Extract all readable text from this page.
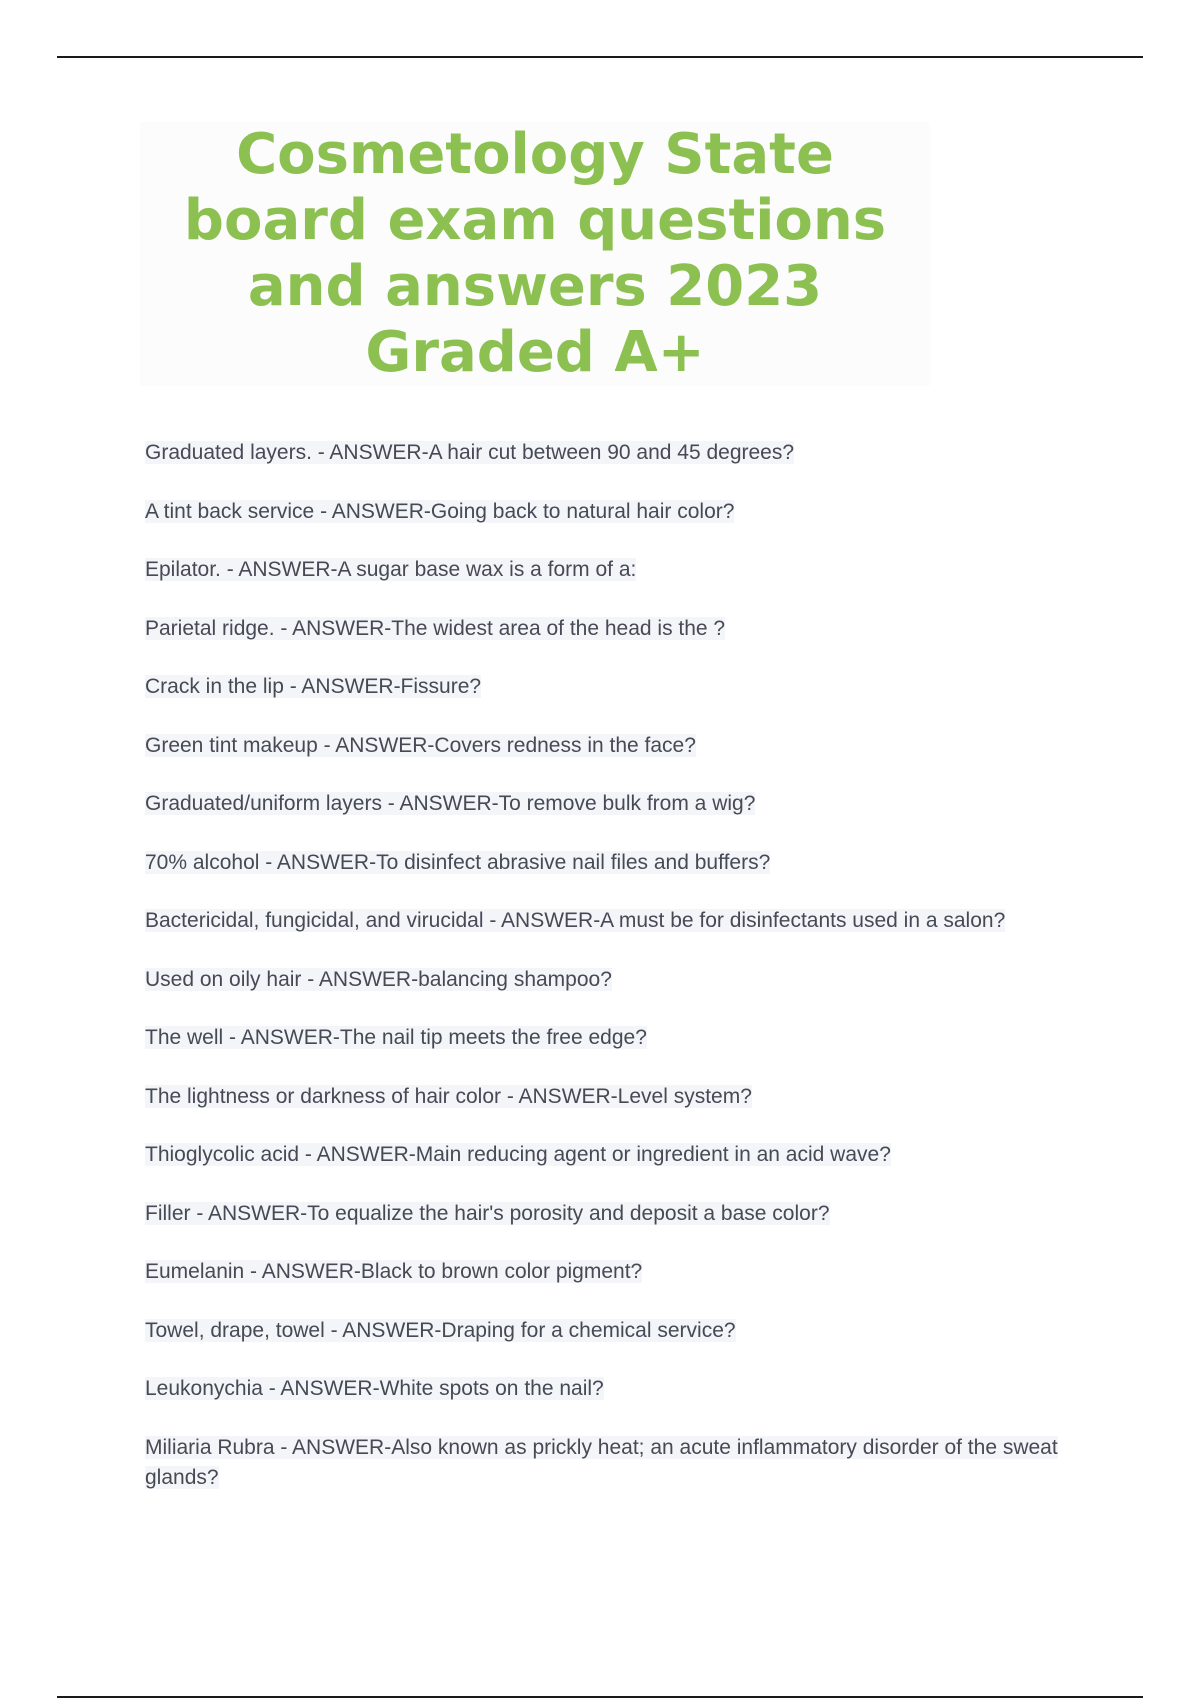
Cosmetology State board exam questions and answers 2023 Graded A+
Graduated layers. - ANSWER-A hair cut between 90 and 45 degrees?
A tint back service - ANSWER-Going back to natural hair color?
Epilator. - ANSWER-A sugar base wax is a form of a:
Parietal ridge. - ANSWER-The widest area of the head is the ?
Crack in the lip - ANSWER-Fissure?
Green tint makeup - ANSWER-Covers redness in the face?
Graduated/uniform layers - ANSWER-To remove bulk from a wig?
70% alcohol - ANSWER-To disinfect abrasive nail files and buffers?
Bactericidal, fungicidal, and virucidal - ANSWER-A must be for disinfectants used in a salon?
Used on oily hair - ANSWER-balancing shampoo?
The well - ANSWER-The nail tip meets the free edge?
The lightness or darkness of hair color - ANSWER-Level system?
Thioglycolic acid - ANSWER-Main reducing agent or ingredient in an acid wave?
Filler - ANSWER-To equalize the hair's porosity and deposit a base color?
Eumelanin - ANSWER-Black to brown color pigment?
Towel, drape, towel - ANSWER-Draping for a chemical service?
Leukonychia - ANSWER-White spots on the nail?
Miliaria Rubra - ANSWER-Also known as prickly heat; an acute inflammatory disorder of the sweat glands?
